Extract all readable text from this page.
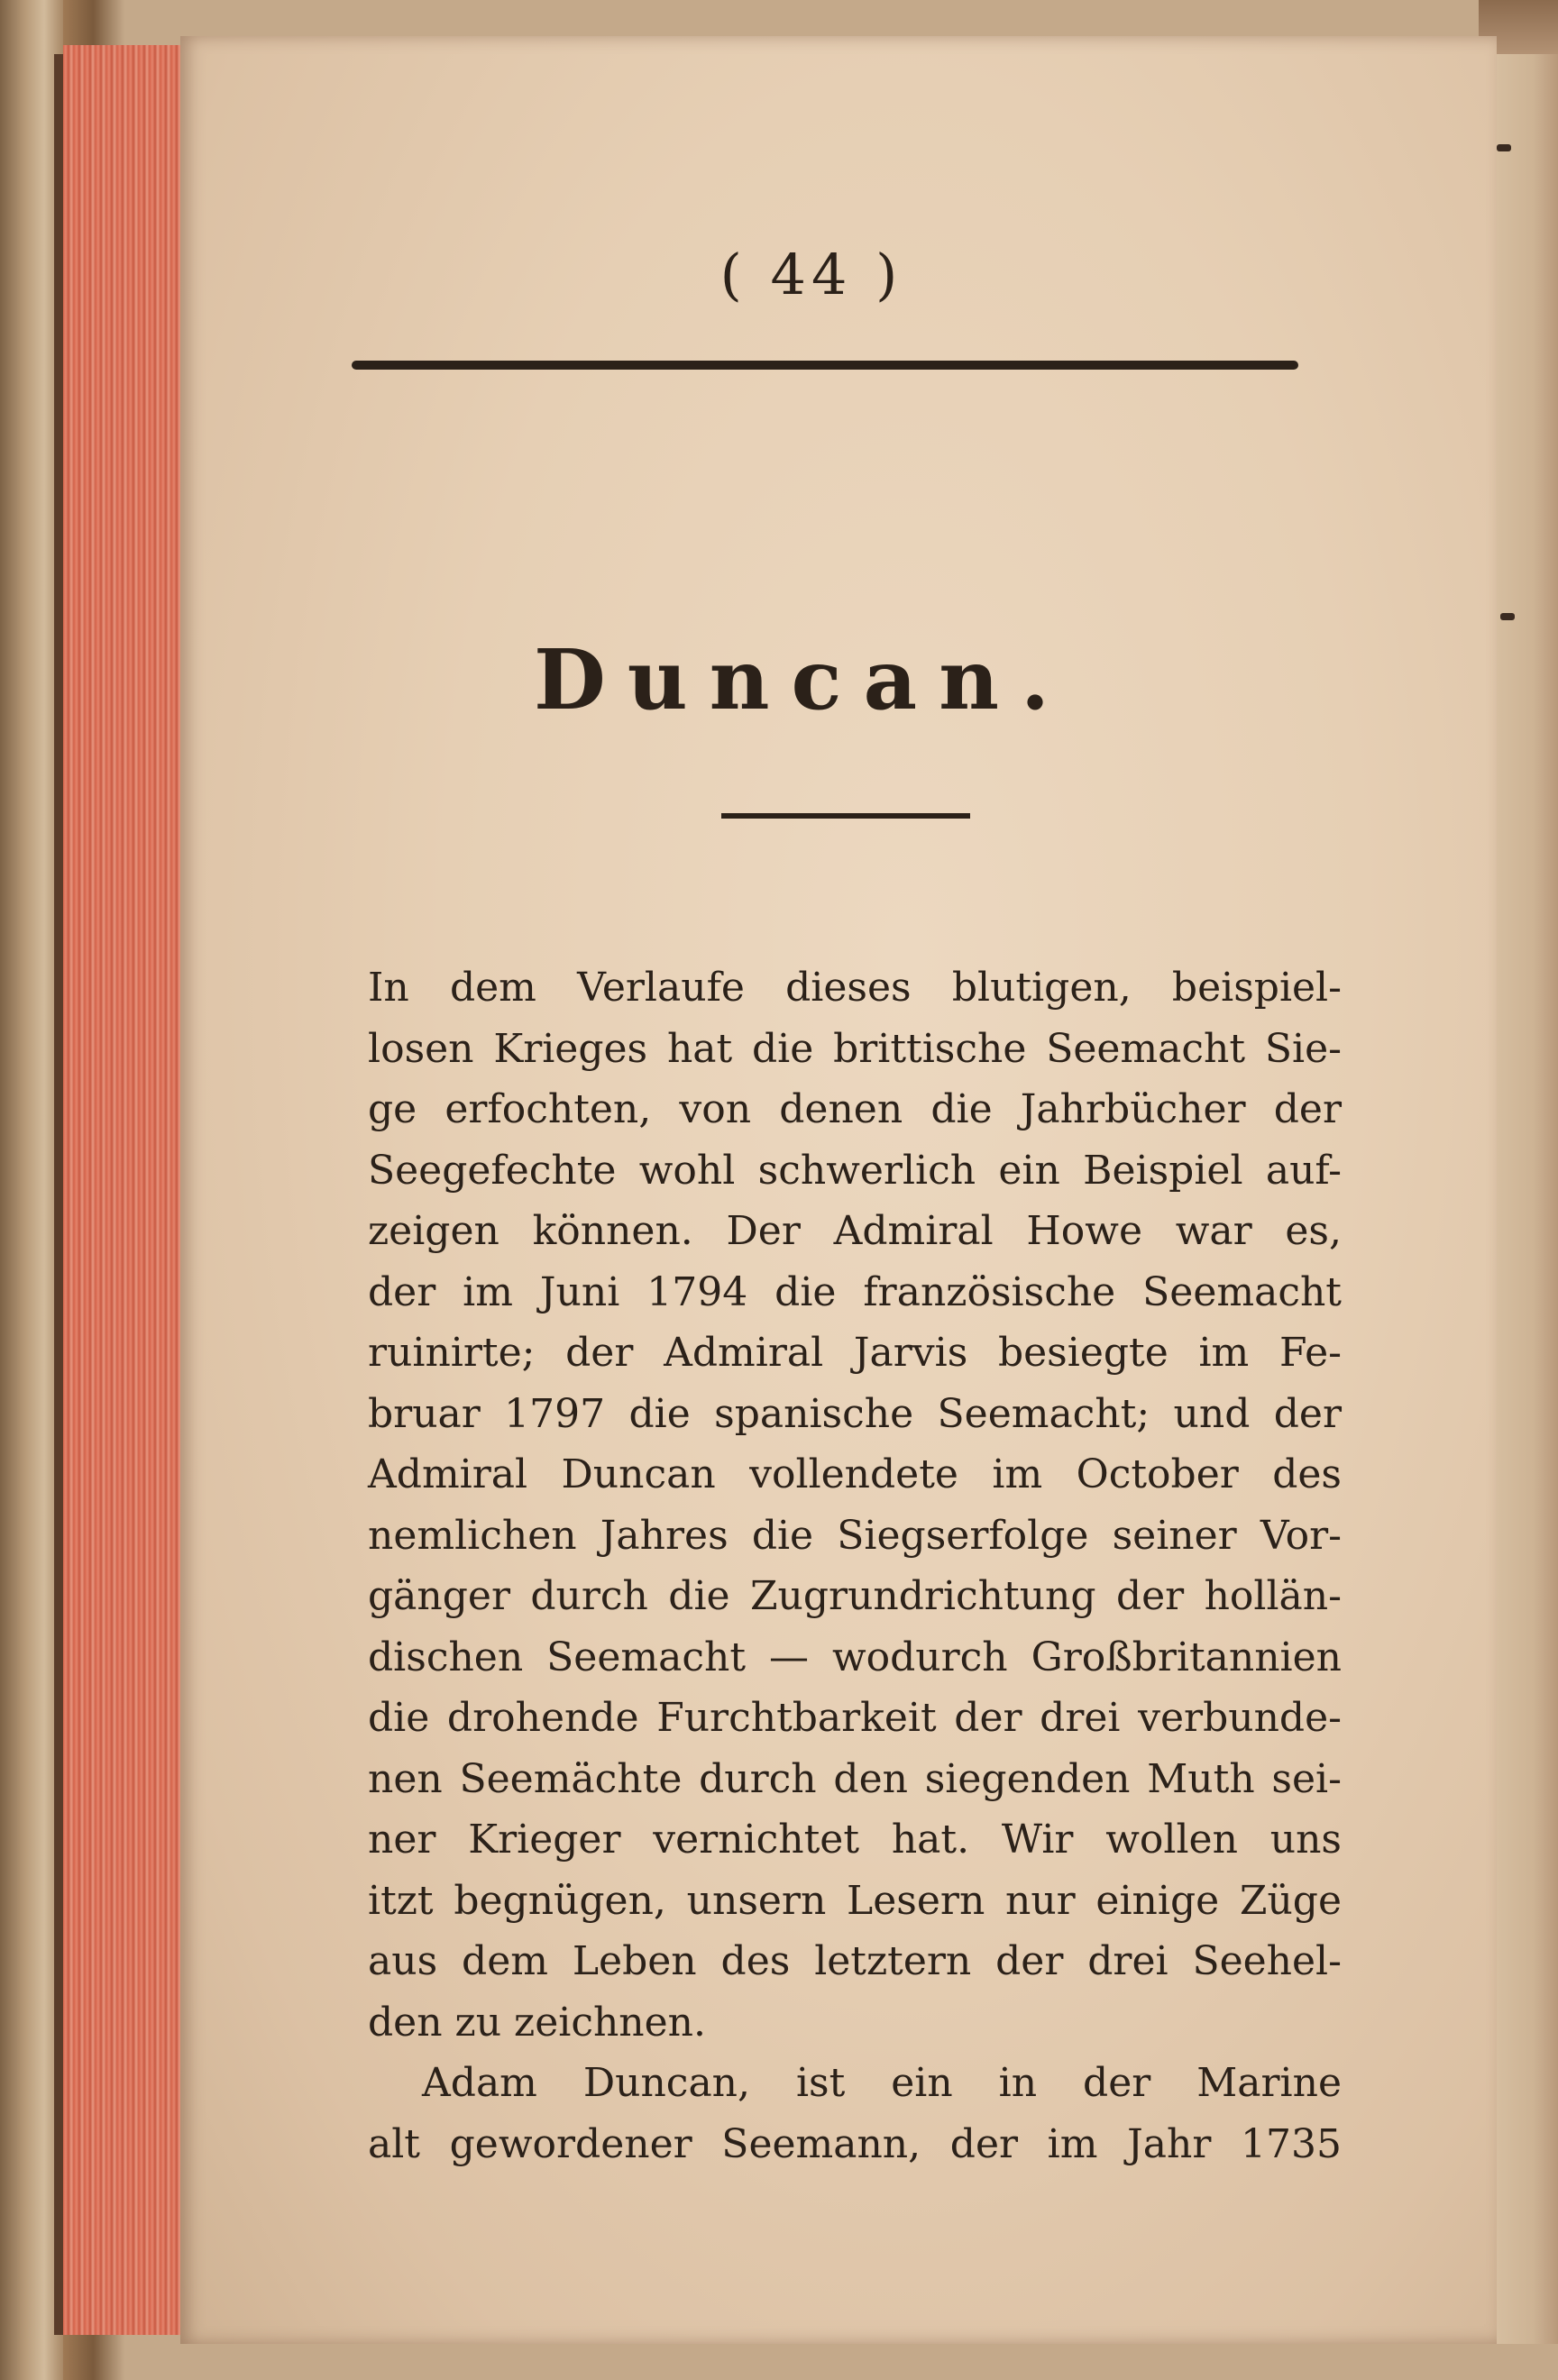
( 44 )
Duncan.
In dem Verlaufe dieses blutigen, beispiel-
losen Krieges hat die brittische Seemacht Sie-
ge erfochten, von denen die Jahrbücher der
Seegefechte wohl schwerlich ein Beispiel auf-
zeigen können. Der Admiral Howe war es,
der im Juni 1794 die französische Seemacht
ruinirte; der Admiral Jarvis besiegte im Fe-
bruar 1797 die spanische Seemacht; und der
Admiral Duncan vollendete im October des
nemlichen Jahres die Siegserfolge seiner Vor-
gänger durch die Zugrundrichtung der hollän-
dischen Seemacht — wodurch Großbritannien
die drohende Furchtbarkeit der drei verbunde-
nen Seemächte durch den siegenden Muth sei-
ner Krieger vernichtet hat. Wir wollen uns
itzt begnügen, unsern Lesern nur einige Züge
aus dem Leben des letztern der drei Seehel-
den zu zeichnen.
Adam Duncan, ist ein in der Marine
alt gewordener Seemann, der im Jahr 1735
